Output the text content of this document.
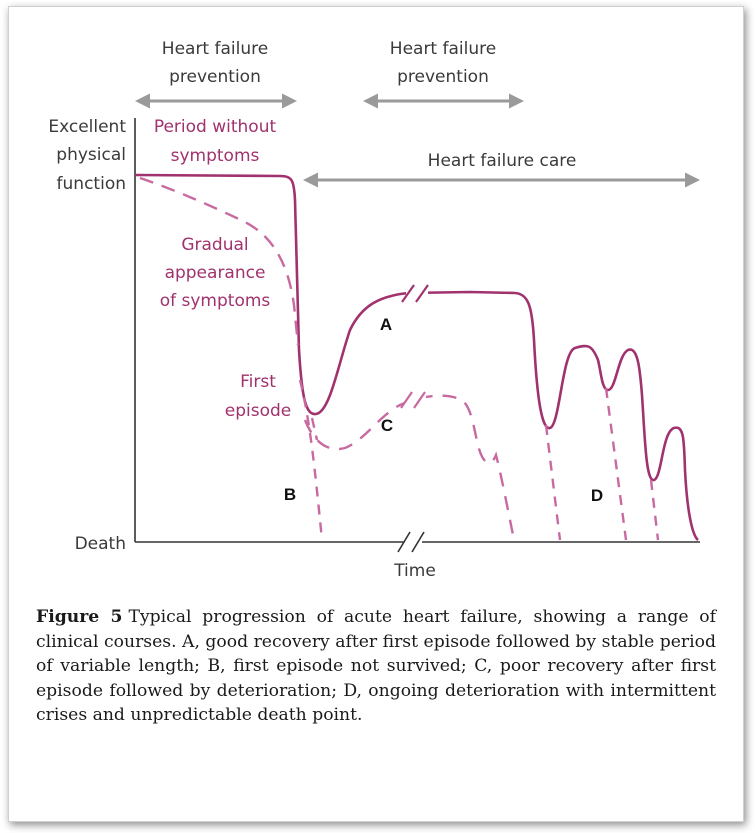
Heart failure
prevention
Heart failure
prevention
Heart failure care
Excellent
physical
function
Death
Time
Period without
symptoms
Gradual
appearance
of symptoms
First
episode
A
B
C
D
Figure 5 Typical progression of acute heart failure, showing a range of clinical courses. A, good recovery after first episode followed by stable period of variable length; B, first episode not survived; C, poor recovery after first episode followed by deterioration; D, ongoing deterioration with intermittent crises and unpredictable death point.
